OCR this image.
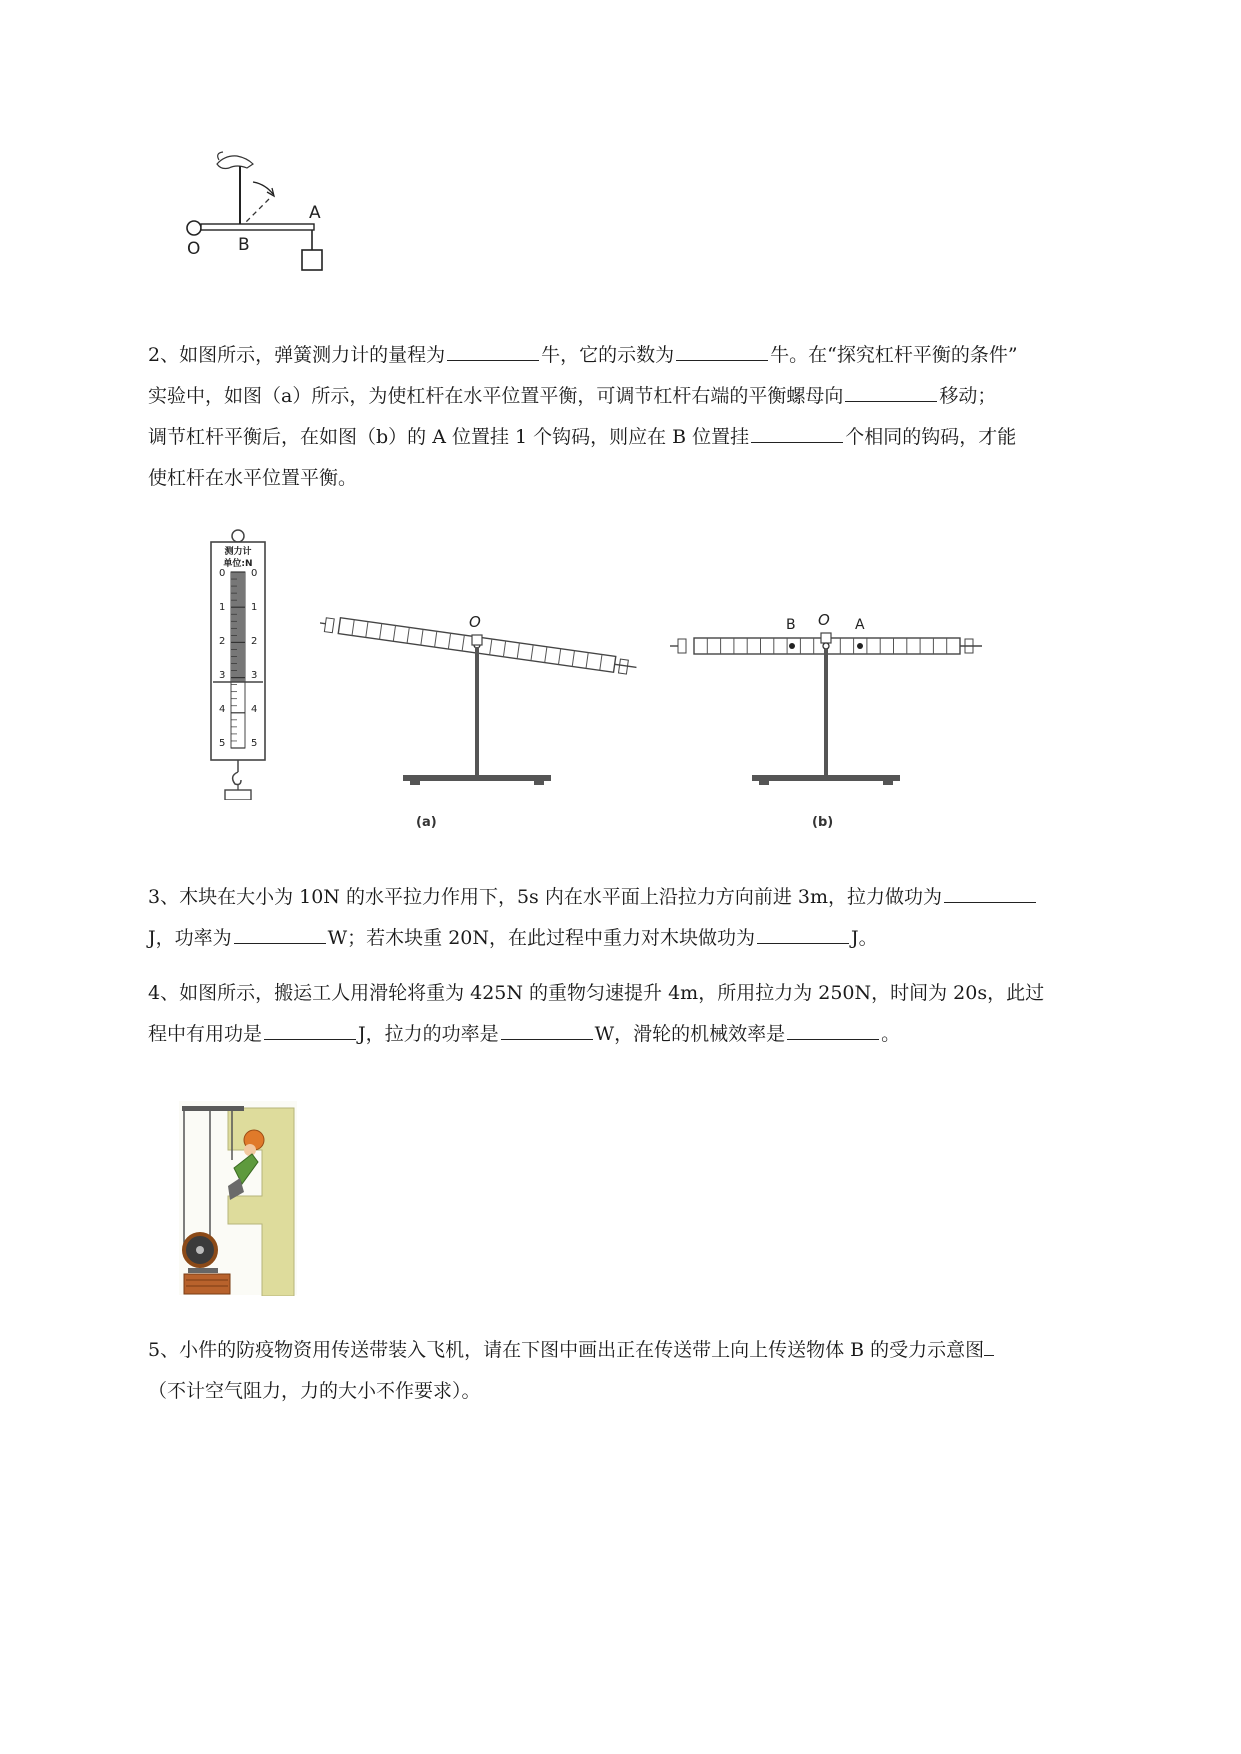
O B
A
2、如图所示，弹簧测力计的量程为	牛，它的示数为	牛。在“探究杠杆平衡的条件”
实验中，如图（a）所示，为使杠杆在水平位置平衡，可调节杠杆右端的平衡螺母向	移动；
调节杠杆平衡后，在如图（b）的 A 位置挂 1 个钩码，则应在 B 位置挂	个相同的钩码，才能
使杠杆在水平位置平衡。
测力计
单位:N
0
1
2
3
4
5
0
1
2
3
4
5
O
(a)
O
B	A
(b)
3、木块在大小为 10N 的水平拉力作用下，5s 内在水平面上沿拉力方向前进 3m，拉力做功为
J，功率为	W；若木块重 20N，在此过程中重力对木块做功为	J。
4、如图所示，搬运工人用滑轮将重为 425N 的重物匀速提升 4m，所用拉力为 250N，时间为 20s，此过
程中有用功是	J，拉力的功率是	W，滑轮的机械效率是	。
5、小件的防疫物资用传送带装入飞机，请在下图中画出正在传送带上向上传送物体 B 的受力示意图
（不计空气阻力，力的大小不作要求）。
